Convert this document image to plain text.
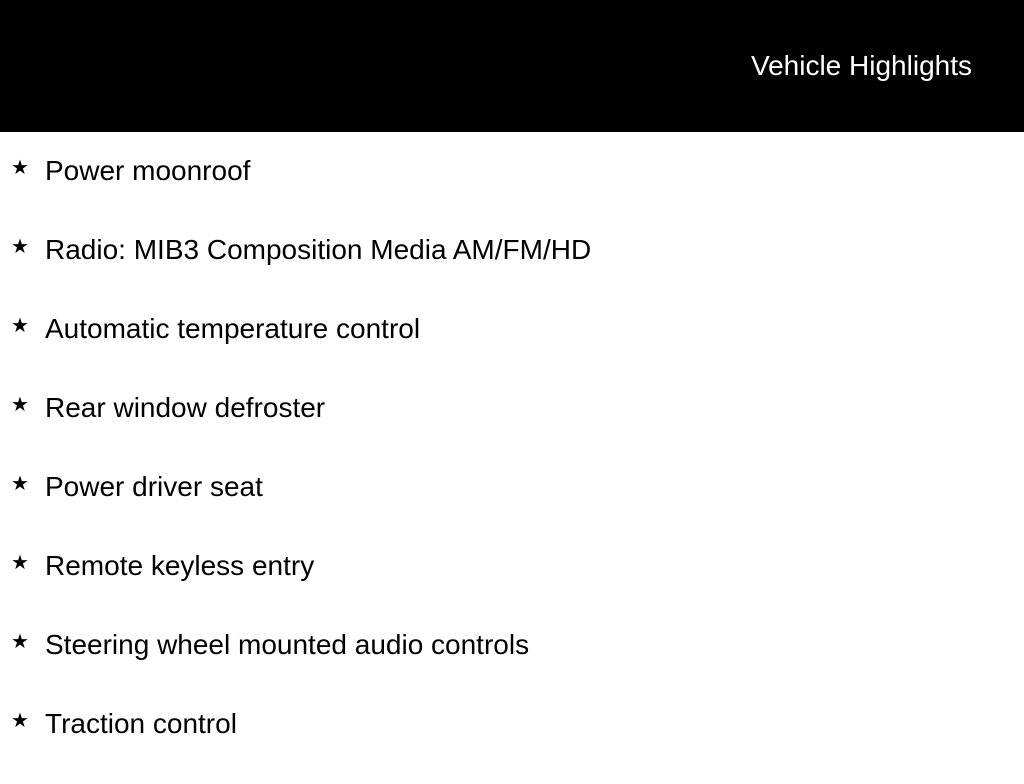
Vehicle Highlights
★ Power moonroof
★ Radio: MIB3 Composition Media AM/FM/HD
★ Automatic temperature control
★ Rear window defroster
★ Power driver seat
★ Remote keyless entry
★ Steering wheel mounted audio controls
★ Traction control
